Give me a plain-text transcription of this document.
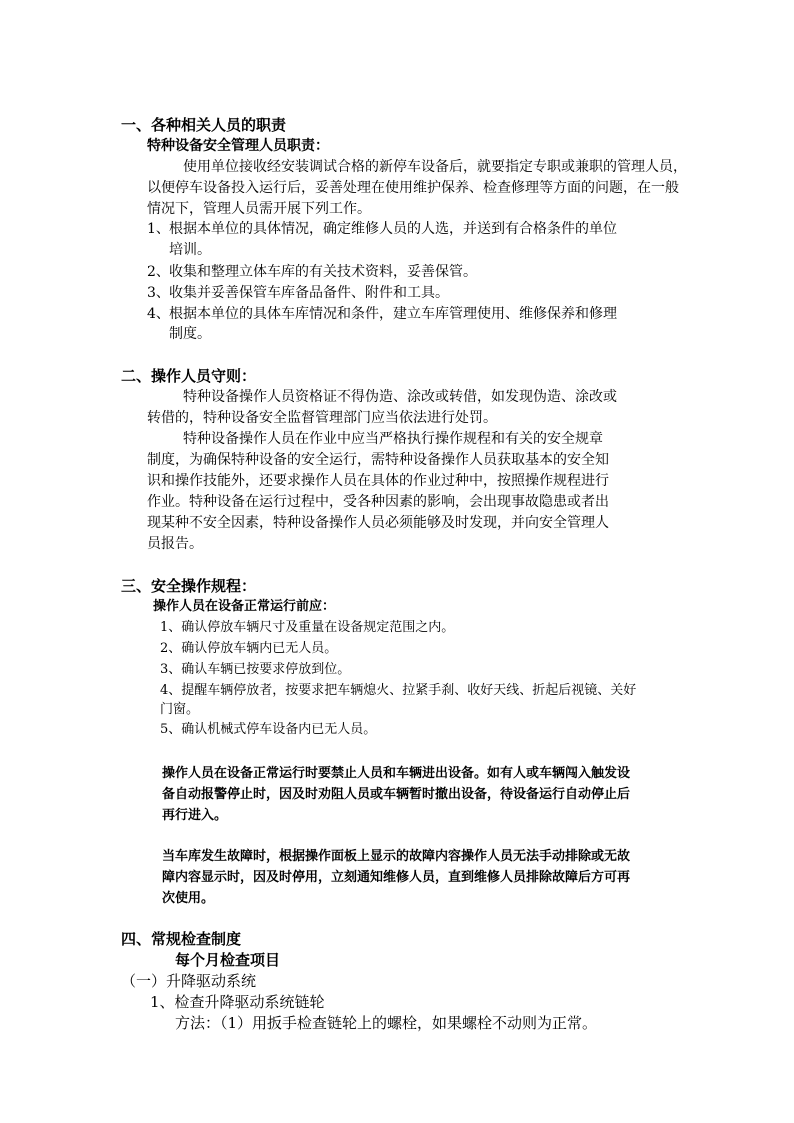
一、各种相关人员的职责
特种设备安全管理人员职责：
使用单位接收经安装调试合格的新停车设备后，就要指定专职或兼职的管理人员，
以便停车设备投入运行后，妥善处理在使用维护保养、检查修理等方面的问题，在一般
情况下，管理人员需开展下列工作。
1、根据本单位的具体情况，确定维修人员的人选，并送到有合格条件的单位
培训。
2、收集和整理立体车库的有关技术资料，妥善保管。
3、收集并妥善保管车库备品备件、附件和工具。
4、根据本单位的具体车库情况和条件，建立车库管理使用、维修保养和修理
制度。
二、操作人员守则：
特种设备操作人员资格证不得伪造、涂改或转借，如发现伪造、涂改或
转借的，特种设备安全监督管理部门应当依法进行处罚。
特种设备操作人员在作业中应当严格执行操作规程和有关的安全规章
制度，为确保特种设备的安全运行，需特种设备操作人员获取基本的安全知
识和操作技能外，还要求操作人员在具体的作业过种中，按照操作规程进行
作业。特种设备在运行过程中，受各种因素的影响，会出现事故隐患或者出
现某种不安全因素，特种设备操作人员必须能够及时发现，并向安全管理人
员报告。
三、安全操作规程：
操作人员在设备正常运行前应：
1、确认停放车辆尺寸及重量在设备规定范围之内。
2、确认停放车辆内已无人员。
3、确认车辆已按要求停放到位。
4、提醒车辆停放者，按要求把车辆熄火、拉紧手刹、收好天线、折起后视镜、关好
门窗。
5、确认机械式停车设备内已无人员。
操作人员在设备正常运行时要禁止人员和车辆进出设备。如有人或车辆闯入触发设
备自动报警停止时，因及时劝阻人员或车辆暂时撤出设备，待设备运行自动停止后
再行进入。
当车库发生故障时，根据操作面板上显示的故障内容操作人员无法手动排除或无故
障内容显示时，因及时停用，立刻通知维修人员，直到维修人员排除故障后方可再
次使用。
四、常规检查制度
每个月检查项目
（一）升降驱动系统
1、检查升降驱动系统链轮
方法：（1）用扳手检查链轮上的螺栓，如果螺栓不动则为正常。
